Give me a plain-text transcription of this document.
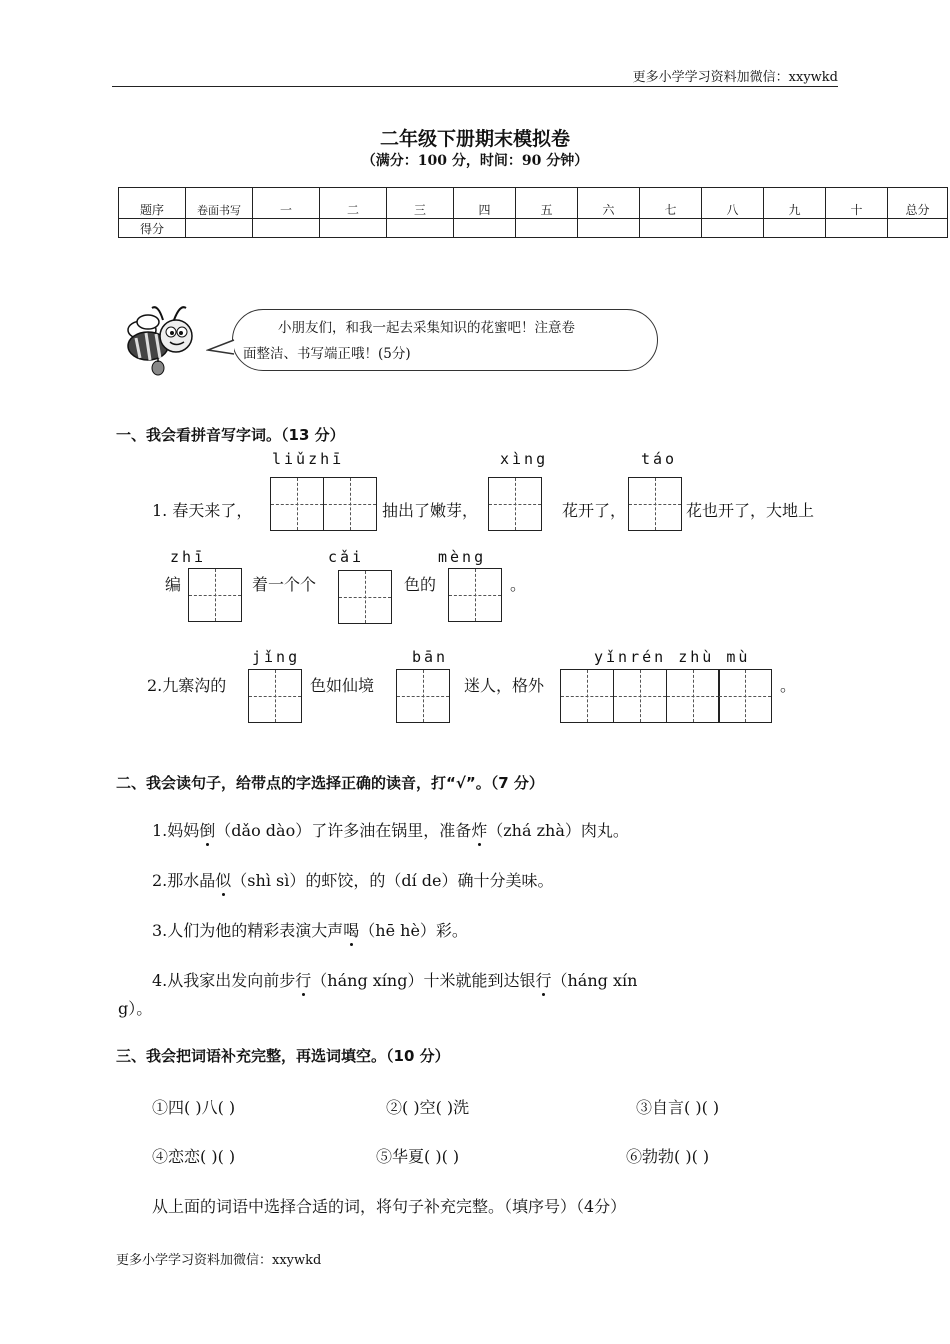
更多小学学习资料加微信：xxywkd
二年级下册期末模拟卷
（满分：100 分，时间：90 分钟）
题序	卷面书写	一	二	三	四	五	六	七	八	九	十	总分
得分												
小朋友们，和我一起去采集知识的花蜜吧！注意卷
面整洁、书写端正哦！(5分)
一、我会看拼音写字词。（13 分）
liǔzhī	xìng	táo
1. 春天来了，	抽出了嫩芽，	花开了，	花也开了，大地上
zhī	cǎi	mèng
编	着一个个	色的	。
jǐng	bān	yǐnrén zhù mù
2.九寨沟的	色如仙境	迷人，格外	。
二、我会读句子，给带点的字选择正确的读音，打“√”。（7 分）
1.妈妈倒（dǎo dào）了许多油在锅里，准备炸（zhá zhà）肉丸。
2.那水晶似（shì sì）的虾饺，的（dí de）确十分美味。
3.人们为他的精彩表演大声喝（hē hè）彩。
4.从我家出发向前步行（háng xíng）十米就能到达银行（háng xín
g）。
三、我会把词语补充完整，再选词填空。（10 分）
①四( )八( )	②( )空( )洗	③自言( )( )
④恋恋( )( )	⑤华夏( )( )	⑥勃勃( )( )
从上面的词语中选择合适的词，将句子补充完整。（填序号）（4分）
更多小学学习资料加微信：xxywkd
